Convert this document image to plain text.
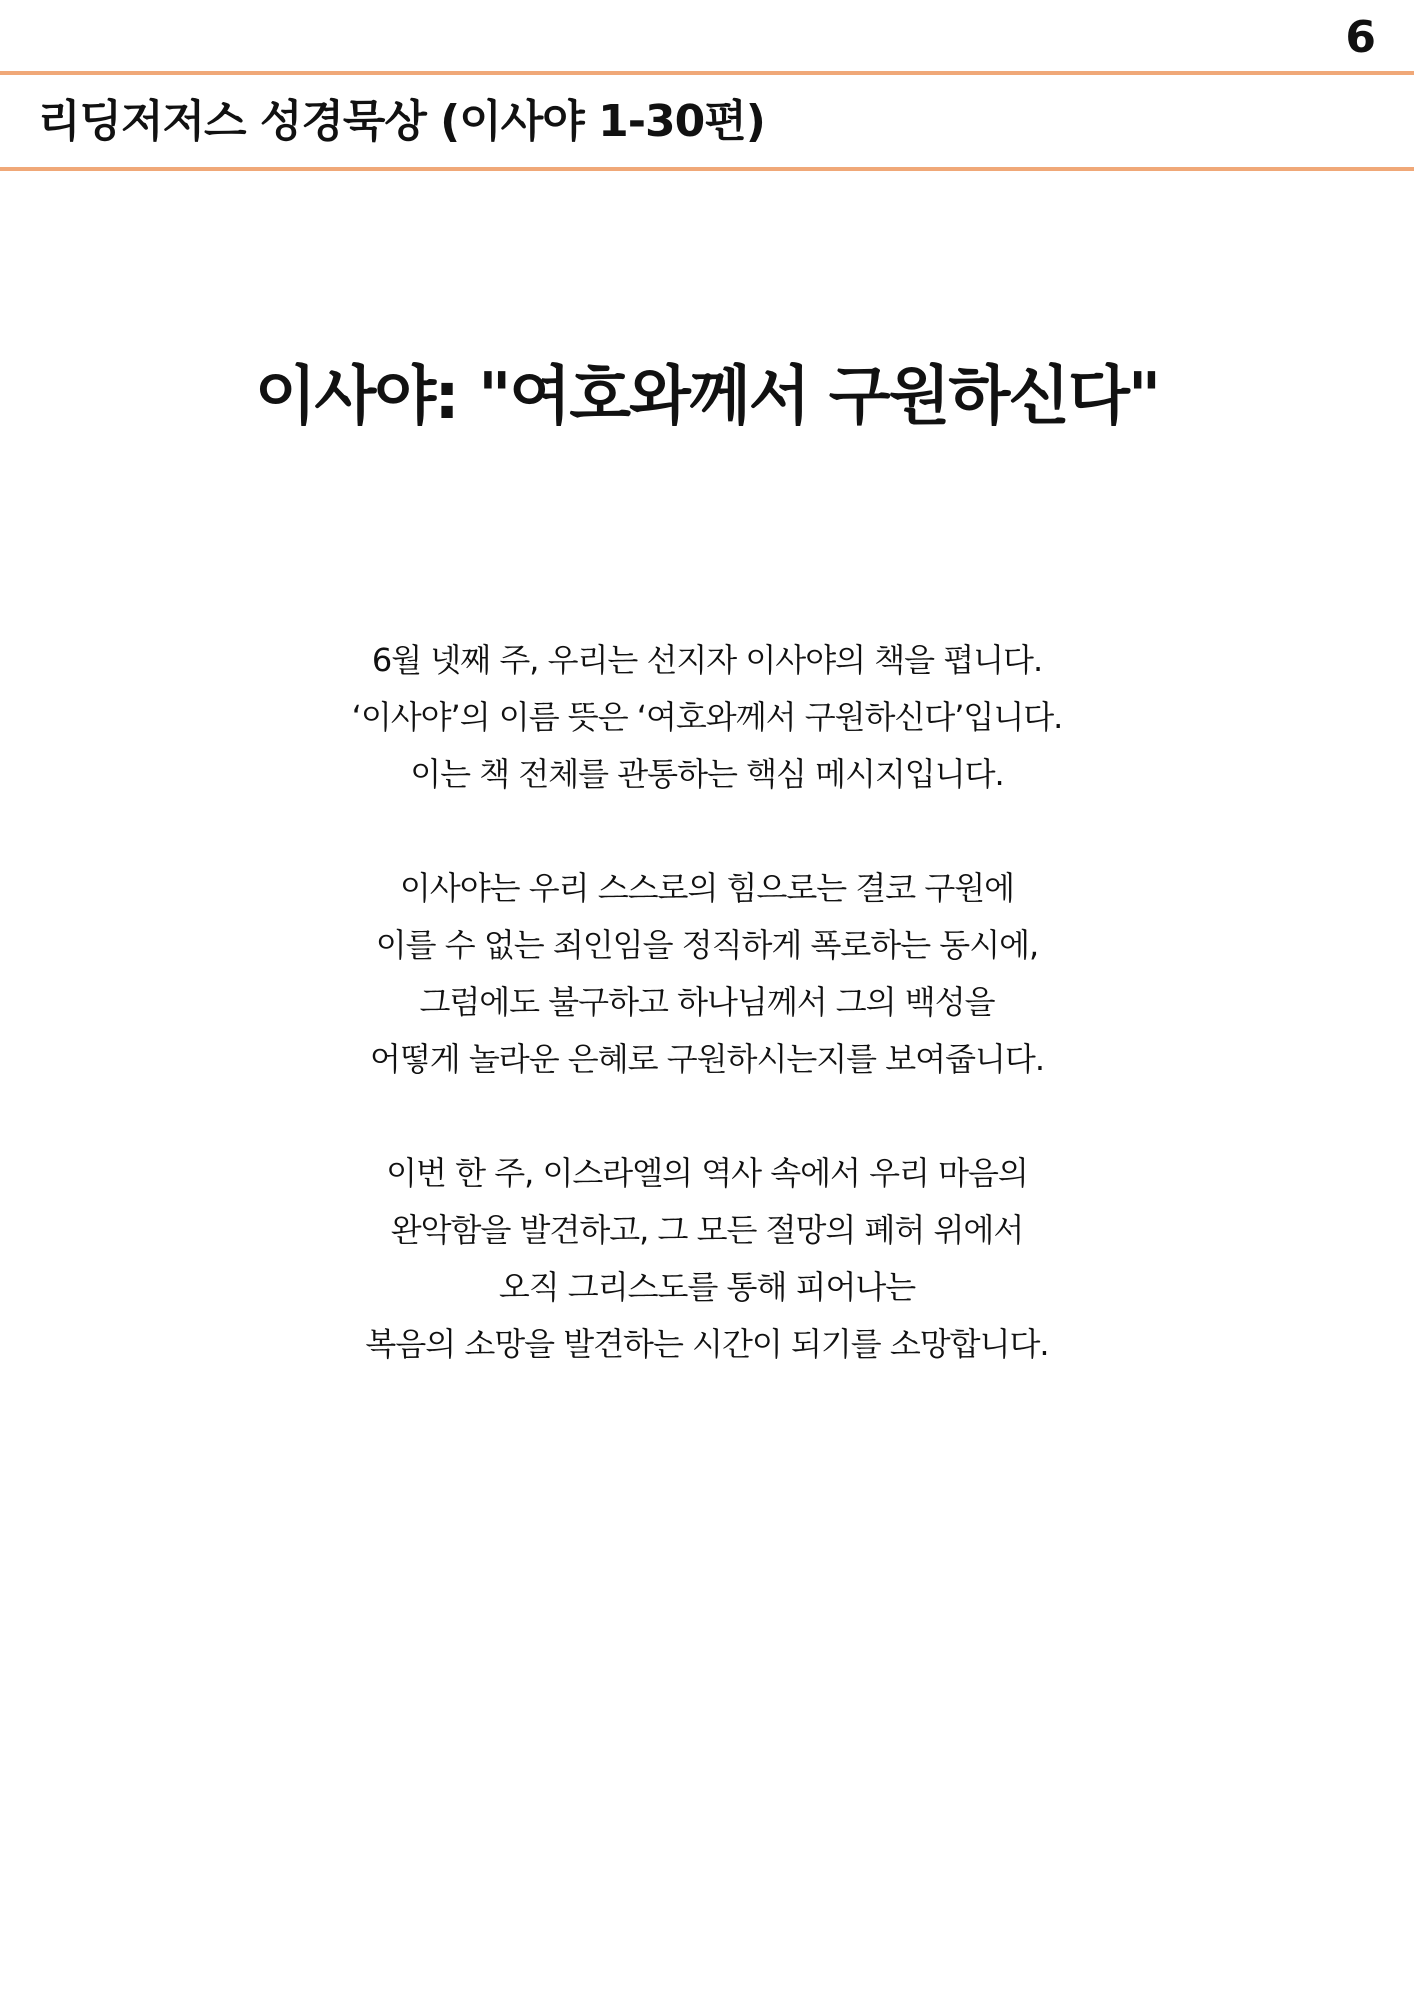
6
리딩저저스 성경묵상 (이사야 1-30편)
이사야: "여호와께서 구원하신다"

6월 넷째 주, 우리는 선지자 이사야의 책을 폅니다.
‘이사야’의 이름 뜻은 ‘여호와께서 구원하신다’입니다.
이는 책 전체를 관통하는 핵심 메시지입니다.

이사야는 우리 스스로의 힘으로는 결코 구원에
이를 수 없는 죄인임을 정직하게 폭로하는 동시에,
그럼에도 불구하고 하나님께서 그의 백성을
어떻게 놀라운 은혜로 구원하시는지를 보여줍니다.

이번 한 주, 이스라엘의 역사 속에서 우리 마음의
완악함을 발견하고, 그 모든 절망의 폐허 위에서
오직 그리스도를 통해 피어나는
복음의 소망을 발견하는 시간이 되기를 소망합니다.
